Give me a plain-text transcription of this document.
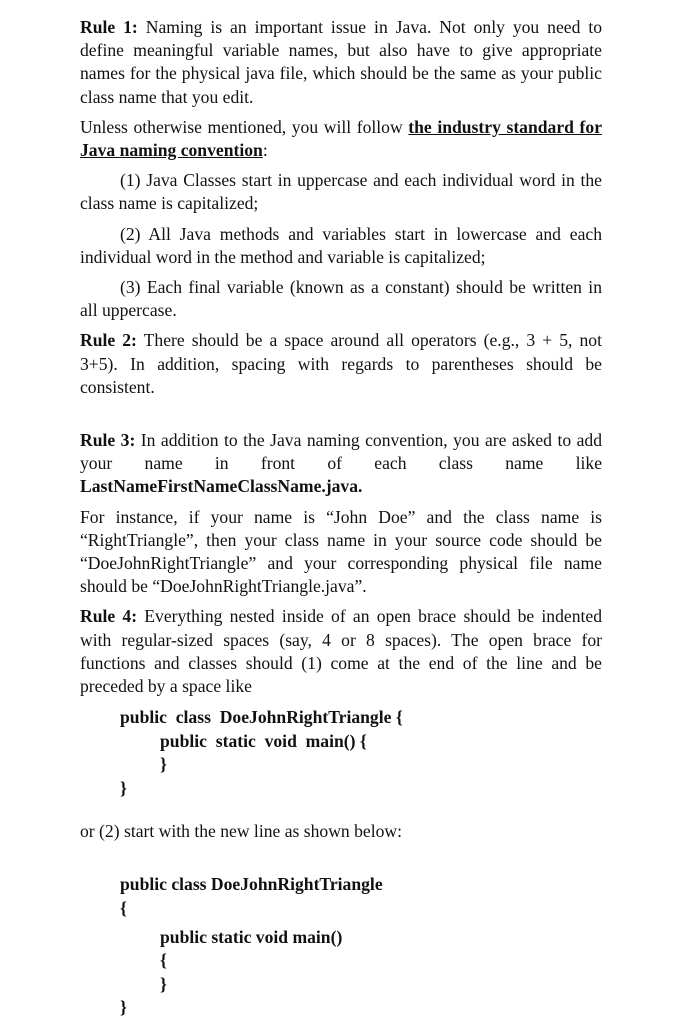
Rule 1: Naming is an important issue in Java. Not only you need to define meaningful variable names, but also have to give appropriate names for the physical java file, which should be the same as your public class name that you edit.

Unless otherwise mentioned, you will follow the industry standard for Java naming convention:

(1) Java Classes start in uppercase and each individual word in the class name is capitalized;

(2) All Java methods and variables start in lowercase and each individual word in the method and variable is capitalized;

(3) Each final variable (known as a constant) should be written in all uppercase.

Rule 2: There should be a space around all operators (e.g., 3 + 5, not 3+5). In addition, spacing with regards to parentheses should be consistent.

Rule 3: In addition to the Java naming convention, you are asked to add your name in front of each class name like LastNameFirstNameClassName.java.

For instance, if your name is “John Doe” and the class name is “RightTriangle”, then your class name in your source code should be “DoeJohnRightTriangle” and your corresponding physical file name should be “DoeJohnRightTriangle.java”.

Rule 4: Everything nested inside of an open brace should be indented with regular-sized spaces (say, 4 or 8 spaces). The open brace for functions and classes should (1) come at the end of the line and be preceded by a space like

public  class  DoeJohnRightTriangle {
public  static  void  main() {
}
}

or (2) start with the new line as shown below:

public class DoeJohnRightTriangle
{
public static void main()
{
}
}
